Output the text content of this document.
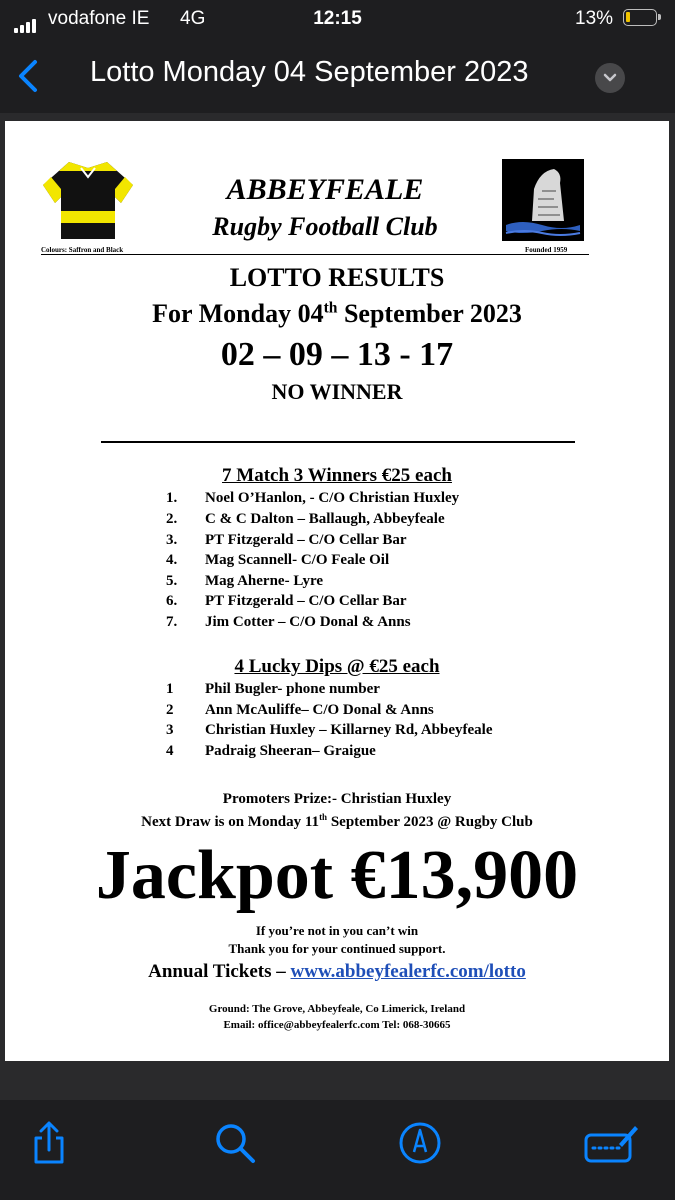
vodafone IE 4G	12:15	13%
Lotto Monday 04 September 2023
Colours: Saffron and Black
ABBEYFEALE
Rugby Football Club
Founded 1959
LOTTO RESULTS
For Monday 04th September 2023
02 – 09 – 13 - 17
NO WINNER
7 Match 3 Winners €25 each
1. Noel O’Hanlon, - C/O Christian Huxley
2. C & C Dalton – Ballaugh, Abbeyfeale
3. PT Fitzgerald – C/O Cellar Bar
4. Mag Scannell- C/O Feale Oil
5. Mag Aherne- Lyre
6. PT Fitzgerald – C/O Cellar Bar
7. Jim Cotter – C/O Donal & Anns
4 Lucky Dips @ €25 each
1 Phil Bugler- phone number
2 Ann McAuliffe– C/O Donal & Anns
3 Christian Huxley – Killarney Rd, Abbeyfeale
4 Padraig Sheeran– Graigue
Promoters Prize:- Christian Huxley
Next Draw is on Monday 11th September 2023 @ Rugby Club
Jackpot €13,900
If you’re not in you can’t win
Thank you for your continued support.
Annual Tickets – www.abbeyfealerfc.com/lotto
Ground: The Grove, Abbeyfeale, Co Limerick, Ireland
Email: office@abbeyfealerfc.com Tel: 068-30665
